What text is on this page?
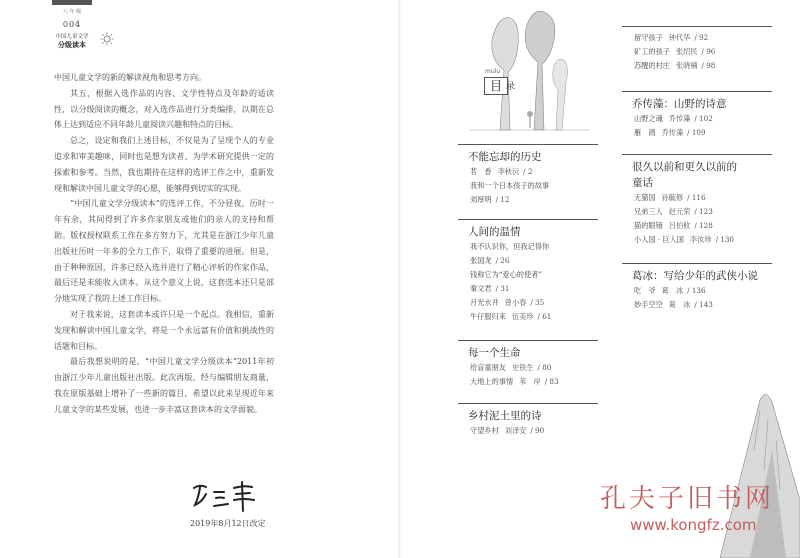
八 年 级
004
中国儿童文学
分级读本

中国儿童文学的新的解读视角和思考方向。

其五，根据入选作品的内容、文学性特点及年龄的适读性，以分级阅读的概念，对入选作品进行分类编排，以期在总体上达到适应不同年龄儿童阅读兴趣和特点的目标。

总之，设定和我们上述目标，不仅是为了呈现个人的专业追求和审美趣味，同时也是想为读者、为学术研究提供一定的探索和参考。当然，我也期待在这样的选评工作之中，重新发现和解读中国儿童文学的心愿，能够得到切实的实现。

“中国儿童文学分级读本”的选评工作，不分昼夜，历时一年有余，其间得到了许多作家朋友或他们的亲人的支持和帮助。版权授权联系工作在多方努力下，尤其是在浙江少年儿童出版社历时一年多的全力工作下，取得了重要的进展。但是，由于种种原因，许多已经入选并进行了精心评析的作家作品，最后还是未能收入读本。从这个意义上说，这套选本还只是部分地实现了我的上述工作目标。

对于我来说，这套读本或许只是一个起点。我相信，重新发现和解读中国儿童文学，将是一个永远富有价值和挑战性的话题和目标。

最后我想说明的是，“中国儿童文学分级读本”2011年初由浙江少年儿童出版社出版。此次再版，经与编辑朋友商量，我在原版基础上增补了一些新的篇目，希望以此来呈现近年来儿童文学的某些发展，也进一步丰富这套读本的文学面貌。

2019年8月12日改定
mulu
目 录
不能忘却的历史
茗　香 李秋沅 / 2
我和一个日本孩子的故事
刘厚明 / 12
人间的温情
我不认识你，但我记得你
张国龙 / 26
钱称它为“爱心的使者”
秦文君 / 31
月光水井 曾小春 / 35
牛仔服归来 伍美珍 / 61
每一个生命
给盲童朋友 史铁生 / 80
大地上的事情 苇　岸 / 83
乡村泥土里的诗
守望乡村 刘泽安 / 90
留守孩子 钟代华 / 92
矿工的孩子 张绍民 / 96
苏醒的村庄 张晓楠 / 98
乔传藻：山野的诗意
山野之魂 乔传藻 / 102
雁　鸽 乔传藻 / 109
很久以前和更久以前的童话
无猫国 孙毓修 / 116
兄弟三人 赵元荣 / 123
猫的眼镜 吕伯攸 / 128
小人国 · 巨人国 李汝珍 / 130
葛冰：写给少年的武侠小说
吃　爷 葛　冰 / 136
妙手空空 葛　冰 / 143
孔夫子旧书网
www.kongfz.com
